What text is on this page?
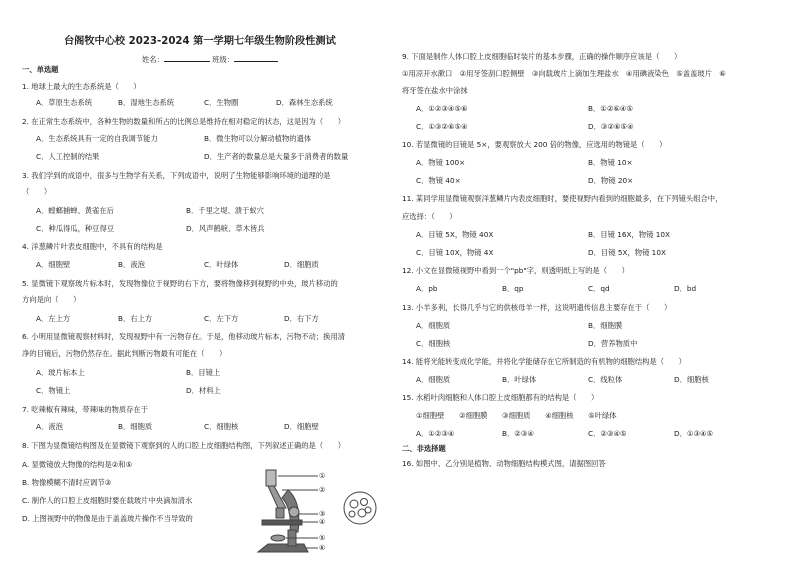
台阁牧中心校 2023-2024 第一学期七年级生物阶段性测试
姓名：	班级：
一、单选题
1. 地球上最大的生态系统是（　　）
A．草原生态系统	B．湿地生态系统	C．生物圈	D．森林生态系统
2. 在正常生态系统中，各种生物的数量和所占的比例总是维持在相对稳定的状态，这是因为（　　）
A．生态系统具有一定的自我调节能力	B．微生物可以分解动植物的遗体
C．人工控制的结果	D．生产者的数量总是大量多于消费者的数量
3. 我们学到的成语中，很多与生物学有关系，下列成语中，说明了生物能够影响环境的道理的是
（　　）
A．螳螂捕蝉、黄雀在后	B．千里之堤、溃于蚁穴
C．种瓜得瓜，种豆得豆	D．风声鹤唳、草木皆兵
4. 洋葱鳞片叶表皮细胞中，不具有的结构是
A．细胞壁	B．液泡	C．叶绿体	D．细胞质
5. 显微镜下观察玻片标本时，发现物像位于视野的右下方，要将物像移到视野的中央，玻片移动的
方向是向（　　）
A．左上方	B．右上方	C．左下方	D．右下方
6. 小明用显微镜观察材料时，发现视野中有一污物存在。于是，他移动玻片标本，污物不动；换用清
净的目镜后，污物仍然存在。据此判断污物最有可能在（　　）
A．玻片标本上	B．目镜上
C．物镜上	D．材料上
7. 吃辣椒有辣味，带辣味的物质存在于
A．液泡	B．细胞质	C．细胞核	D．细胞壁
8. 下图为显微镜结构图及在显微镜下观察到的人的口腔上皮细胞结构图，下列叙述正确的是（　　）
A. 显微镜放大物像的结构是②和⑤
B. 物像模糊不清时应调节③
C. 制作人的口腔上皮细胞时要在载玻片中央滴加清水
D. 上图视野中的物像是由于盖盖玻片操作不当导致的
①
②
③
④
⑤
⑥
9. 下面是制作人体口腔上皮细胞临时装片的基本步骤，正确的操作顺序应该是（　　）
①用凉开水漱口　②用牙签刮口腔侧壁　③向载玻片上滴加生理盐水　④用碘液染色　⑤盖盖玻片　⑥
将牙签在盐水中涂抹
A．①②③④⑤⑥	B．①②⑥④⑤
C．①③②⑥⑤④	D．③②⑥⑤④
10. 若显微镜的目镜是 5×，要观察放大 200 倍的物像，应选用的物镜是（　　）
A．物镜 100×	B．物镜 10×
C．物镜 40×	D．物镜 20×
11. 某同学用显微镜观察洋葱鳞片内表皮细胞时，要使视野内看到的细胞最多，在下列镜头组合中，
应选择：（　　）
A．目镜 5X，物镜 40X	B．目镜 16X，物镜 10X
C．目镜 10X，物镜 4X	D．目镜 5X，物镜 10X
12. 小文在显微镜视野中看到一个"pb"字，则透明纸上写的是（　　）
A．pb	B．qp	C．qd	D．bd
13. 小羊多利，长得几乎与它的供核母羊一样，这说明遗传信息主要存在于（　　）
A．细胞质	B．细胞膜
C．细胞核	D．营养物质中
14. 能将光能转变成化学能，并将化学能储存在它所制造的有机物的细胞结构是（　　）
A．细胞质	B．叶绿体	C．线粒体	D．细胞核
15. 水稻叶肉细胞和人体口腔上皮细胞都有的结构是（　　）
①细胞壁　　②细胞膜　　③细胞质　　④细胞核　　⑤叶绿体
A．①②③④	B．②③④	C．②③④⑤	D．①③④⑤
二、非选择题
16. 如图中、乙分别是植物、动物细胞结构模式图，请据图回答
